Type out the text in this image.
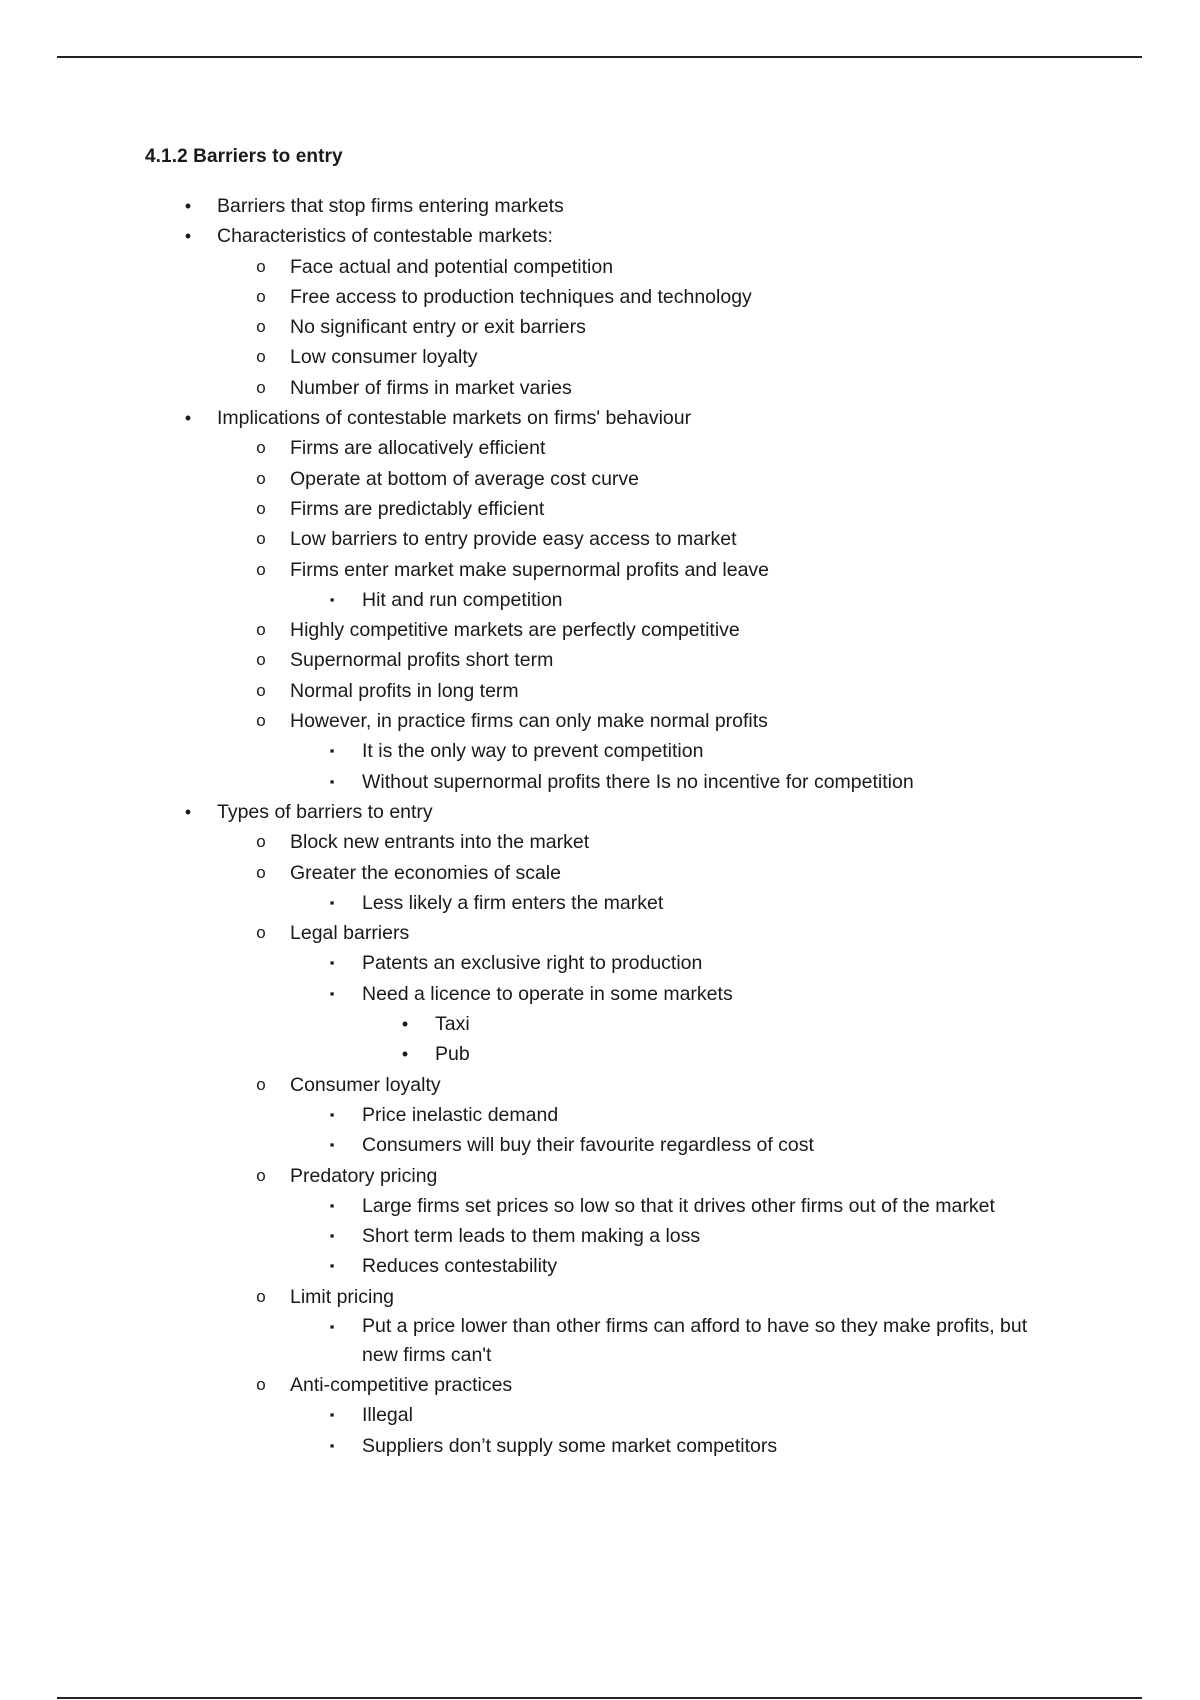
4.1.2 Barriers to entry
•	Barriers that stop firms entering markets
•	Characteristics of contestable markets:
o Face actual and potential competition
o Free access to production techniques and technology
o No significant entry or exit barriers
o Low consumer loyalty
o Number of firms in market varies
•	Implications of contestable markets on firms' behaviour
o Firms are allocatively efficient
o Operate at bottom of average cost curve
o Firms are predictably efficient
o Low barriers to entry provide easy access to market
o Firms enter market make supernormal profits and leave
▪	Hit and run competition
o Highly competitive markets are perfectly competitive
o Supernormal profits short term
o Normal profits in long term
o However, in practice firms can only make normal profits
▪	It is the only way to prevent competition
▪	Without supernormal profits there Is no incentive for competition
•	Types of barriers to entry
o Block new entrants into the market
o Greater the economies of scale
▪	Less likely a firm enters the market
o Legal barriers
▪	Patents an exclusive right to production
▪	Need a licence to operate in some markets
•	Taxi
•	Pub
o Consumer loyalty
▪	Price inelastic demand
▪	Consumers will buy their favourite regardless of cost
o Predatory pricing
▪	Large firms set prices so low so that it drives other firms out of the market
▪	Short term leads to them making a loss
▪	Reduces contestability
o Limit pricing
▪	Put a price lower than other firms can afford to have so they make profits, but new firms can't
o Anti-competitive practices
▪	Illegal
▪	Suppliers don’t supply some market competitors
